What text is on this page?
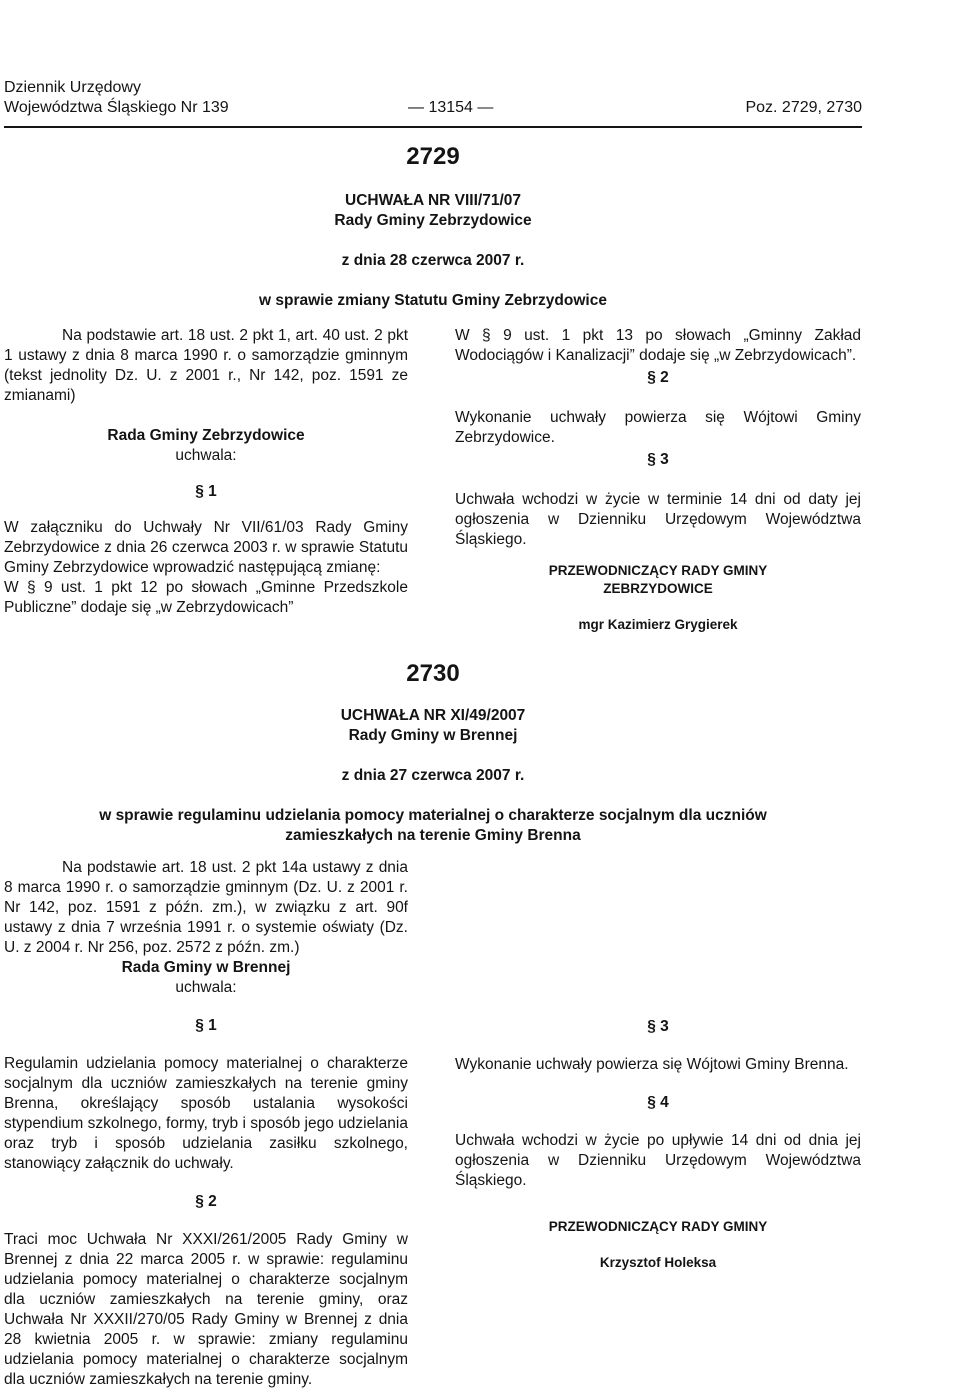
Dziennik Urzędowy
Województwa Śląskiego Nr 139	— 13154 —	Poz. 2729, 2730
2729
UCHWAŁA NR VIII/71/07
Rady Gminy Zebrzydowice
z dnia 28 czerwca 2007 r.
w sprawie zmiany Statutu Gminy Zebrzydowice
Na podstawie art. 18 ust. 2 pkt 1, art. 40 ust. 2 pkt 1 ustawy z dnia 8 marca 1990 r. o samorządzie gminnym (tekst jednolity Dz. U. z 2001 r., Nr 142, poz. 1591 ze zmianami)
Rada Gminy Zebrzydowice
uchwala:
§ 1
W załączniku do Uchwały Nr VII/61/03 Rady Gminy Zebrzydowice z dnia 26 czerwca 2003 r. w sprawie Statutu Gminy Zebrzydowice wprowadzić następującą zmianę:
W § 9 ust. 1 pkt 12 po słowach „Gminne Przedszkole Publiczne” dodaje się „w Zebrzydowicach”
W § 9 ust. 1 pkt 13 po słowach „Gminny Zakład Wodociągów i Kanalizacji” dodaje się „w Zebrzydowicach”.
§ 2
Wykonanie uchwały powierza się Wójtowi Gminy Zebrzydowice.
§ 3
Uchwała wchodzi w życie w terminie 14 dni od daty jej ogłoszenia w Dzienniku Urzędowym Województwa Śląskiego.
PRZEWODNICZĄCY RADY GMINY
ZEBRZYDOWICE
mgr Kazimierz Grygierek
2730
UCHWAŁA NR XI/49/2007
Rady Gminy w Brennej
z dnia 27 czerwca 2007 r.
w sprawie regulaminu udzielania pomocy materialnej o charakterze socjalnym dla uczniów
zamieszkałych na terenie Gminy Brenna
Na podstawie art. 18 ust. 2 pkt 14a ustawy z dnia 8 marca 1990 r. o samorządzie gminnym (Dz. U. z 2001 r. Nr 142, poz. 1591 z późn. zm.), w związku z art. 90f ustawy z dnia 7 września 1991 r. o systemie oświaty (Dz. U. z 2004 r. Nr 256, poz. 2572 z późn. zm.)
Rada Gminy w Brennej
uchwala:
§ 1
Regulamin udzielania pomocy materialnej o charakterze socjalnym dla uczniów zamieszkałych na terenie gminy Brenna, określający sposób ustalania wysokości stypendium szkolnego, formy, tryb i sposób jego udzielania oraz tryb i sposób udzielania zasiłku szkolnego, stanowiący załącznik do uchwały.
§ 2
Traci moc Uchwała Nr XXXI/261/2005 Rady Gminy w Brennej z dnia 22 marca 2005 r. w sprawie: regulaminu udzielania pomocy materialnej o charakterze socjalnym dla uczniów zamieszkałych na terenie gminy, oraz Uchwała Nr XXXII/270/05 Rady Gminy w Brennej z dnia 28 kwietnia 2005 r. w sprawie: zmiany regulaminu udzielania pomocy materialnej o charakterze socjalnym dla uczniów zamieszkałych na terenie gminy.
PRZEWODNICZĄCY RADY GMINY
Krzysztof Holeksa
§ 3
Wykonanie uchwały powierza się Wójtowi Gminy Brenna.
§ 4
Uchwała wchodzi w życie po upływie 14 dni od dnia jej ogłoszenia w Dzienniku Urzędowym Województwa Śląskiego.
